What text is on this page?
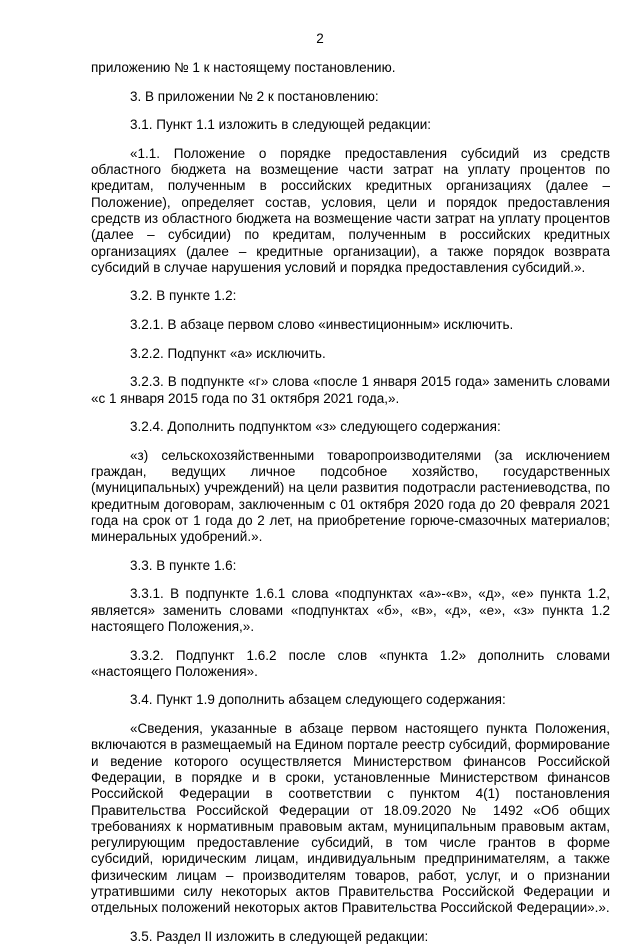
2

приложению № 1 к настоящему постановлению.

3. В приложении № 2 к постановлению:

3.1. Пункт 1.1 изложить в следующей редакции:

«1.1. Положение о порядке предоставления субсидий из средств областного бюджета на возмещение части затрат на уплату процентов по кредитам, полученным в российских кредитных организациях (далее – Положение), определяет состав, условия, цели и порядок предоставления средств из областного бюджета на возмещение части затрат на уплату процентов (далее – субсидии) по кредитам, полученным в российских кредитных организациях (далее – кредитные организации), а также порядок возврата субсидий в случае нарушения условий и порядка предоставления субсидий.».

3.2. В пункте 1.2:

3.2.1. В абзаце первом слово «инвестиционным» исключить.

3.2.2. Подпункт «а» исключить.

3.2.3. В подпункте «г» слова «после 1 января 2015 года» заменить словами «с 1 января 2015 года по 31 октября 2021 года,».

3.2.4. Дополнить подпунктом «з» следующего содержания:

«з) сельскохозяйственными товаропроизводителями (за исключением граждан, ведущих личное подсобное хозяйство, государственных (муниципальных) учреждений) на цели развития подотрасли растениеводства, по кредитным договорам, заключенным с 01 октября 2020 года до 20 февраля 2021 года на срок от 1 года до 2 лет, на приобретение горюче-смазочных материалов; минеральных удобрений.».

3.3. В пункте 1.6:

3.3.1. В подпункте 1.6.1 слова «подпунктах «а»-«в», «д», «е» пункта 1.2, является» заменить словами «подпунктах «б», «в», «д», «е», «з» пункта 1.2 настоящего Положения,».

3.3.2. Подпункт 1.6.2 после слов «пункта 1.2» дополнить словами «настоящего Положения».

3.4. Пункт 1.9 дополнить абзацем следующего содержания:

«Сведения, указанные в абзаце первом настоящего пункта Положения, включаются в размещаемый на Едином портале реестр субсидий, формирование и ведение которого осуществляется Министерством финансов Российской Федерации, в порядке и в сроки, установленные Министерством финансов Российской Федерации в соответствии с пунктом 4(1) постановления Правительства Российской Федерации от 18.09.2020 № 1492 «Об общих требованиях к нормативным правовым актам, муниципальным правовым актам, регулирующим предоставление субсидий, в том числе грантов в форме субсидий, юридическим лицам, индивидуальным предпринимателям, а также физическим лицам – производителям товаров, работ, услуг, и о признании утратившими силу некоторых актов Правительства Российской Федерации и отдельных положений некоторых актов Правительства Российской Федерации».».

3.5. Раздел II изложить в следующей редакции:
